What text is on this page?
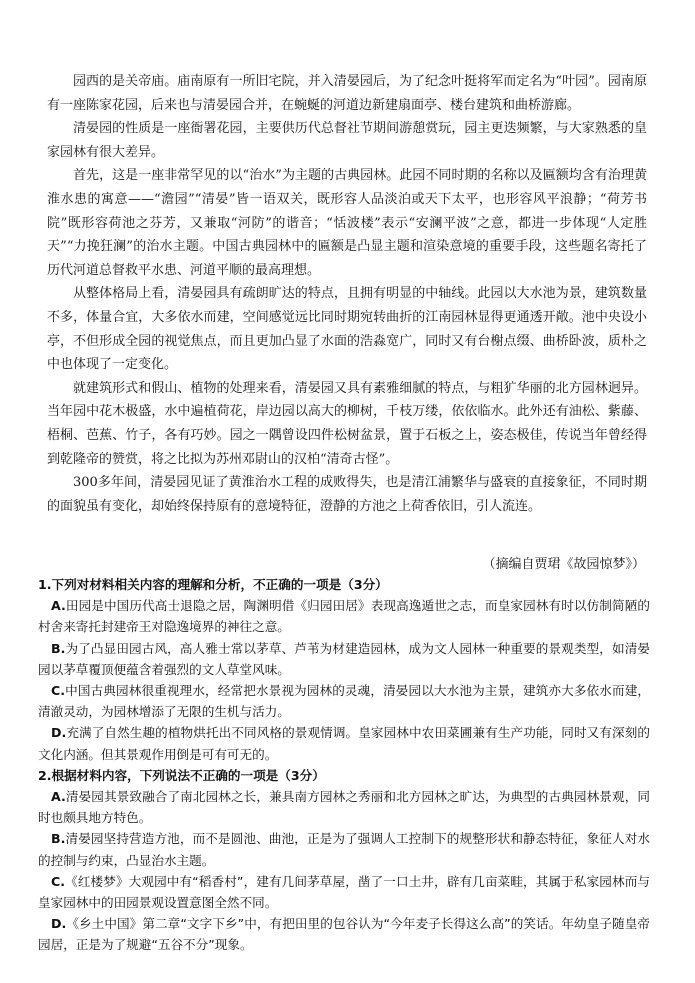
园西的是关帝庙。庙南原有一所旧宅院，并入清晏园后，为了纪念叶挺将军而定名为“叶园”。园南原有一座陈家花园，后来也与清晏园合并，在蜿蜒的河道边新建扇面亭、楼台建筑和曲桥游廊。

清晏园的性质是一座衙署花园，主要供历代总督社节期间游憩赏玩，园主更迭频繁，与大家熟悉的皇家园林有很大差异。

首先，这是一座非常罕见的以“治水”为主题的古典园林。此园不同时期的名称以及匾额均含有治理黄淮水患的寓意——“澹园”“清晏”皆一语双关，既形容人品淡泊或天下太平，也形容风平浪静；“荷芳书院”既形容荷池之芬芳，又兼取“河防”的谐音；“恬波楼”表示“安澜平波”之意，都进一步体现“人定胜天”“力挽狂澜”的治水主题。中国古典园林中的匾额是凸显主题和渲染意境的重要手段，这些题名寄托了历代河道总督救平水患、河道平顺的最高理想。

从整体格局上看，清晏园具有疏朗旷达的特点，且拥有明显的中轴线。此园以大水池为景，建筑数量不多，体量合宜，大多依水而建，空间感觉远比同时期宛转曲折的江南园林显得更通透开敞。池中央设小亭，不但形成全园的视觉焦点，而且更加凸显了水面的浩淼宽广，同时又有台榭点缀、曲桥卧波，质朴之中也体现了一定变化。

就建筑形式和假山、植物的处理来看，清晏园又具有素雅细腻的特点，与粗犷华丽的北方园林迥异。当年园中花木极盛，水中遍植荷花，岸边园以高大的柳树，千枝万缕，依依临水。此外还有油松、紫藤、梧桐、芭蕉、竹子，各有巧妙。园之一隅曾设四件松树盆景，置于石板之上，姿态极佳，传说当年曾经得到乾隆帝的赞赏，将之比拟为苏州邓尉山的汉柏“清奇古怪”。

300多年间，清晏园见证了黄淮治水工程的成败得失，也是清江浦繁华与盛衰的直接象征，不同时期的面貌虽有变化，却始终保持原有的意境特征，澄静的方池之上荷香依旧，引人流连。

（摘编自贾珺《故园惊梦》）

1.下列对材料相关内容的理解和分析，不正确的一项是（3分）

A.田园是中国历代高士退隐之居，陶渊明借《归园田居》表现高逸遁世之志，而皇家园林有时以仿制简陋的村舍来寄托封建帝王对隐逸境界的神往之意。

B.为了凸显田园古风，高人雅士常以茅草、芦苇为材建造园林，成为文人园林一种重要的景观类型，如清晏园以茅草覆顶便蕴含着强烈的文人草堂风味。

C.中国古典园林很重视理水，经常把水景视为园林的灵魂，清晏园以大水池为主景，建筑亦大多依水而建，清澈灵动，为园林增添了无限的生机与活力。

D.充满了自然生趣的植物烘托出不同风格的景观情调。皇家园林中农田菜圃兼有生产功能，同时又有深刻的文化内涵。但其景观作用倒是可有可无的。

2.根据材料内容，下列说法不正确的一项是（3分）

A.清晏园其景致融合了南北园林之长，兼具南方园林之秀丽和北方园林之旷达，为典型的古典园林景观，同时也颇具地方特色。

B.清晏园坚持营造方池，而不是圆池、曲池，正是为了强调人工控制下的规整形状和静态特征，象征人对水的控制与约束，凸显治水主题。

C.《红楼梦》大观园中有“稻香村”，建有几间茅草屋，凿了一口土井，辟有几亩菜畦，其属于私家园林而与皇家园林中的田园景观设置意图全然不同。

D.《乡土中国》第二章“文字下乡”中，有把田里的包谷认为“今年麦子长得这么高”的笑话。年幼皇子随皇帝园居，正是为了规避“五谷不分”现象。
